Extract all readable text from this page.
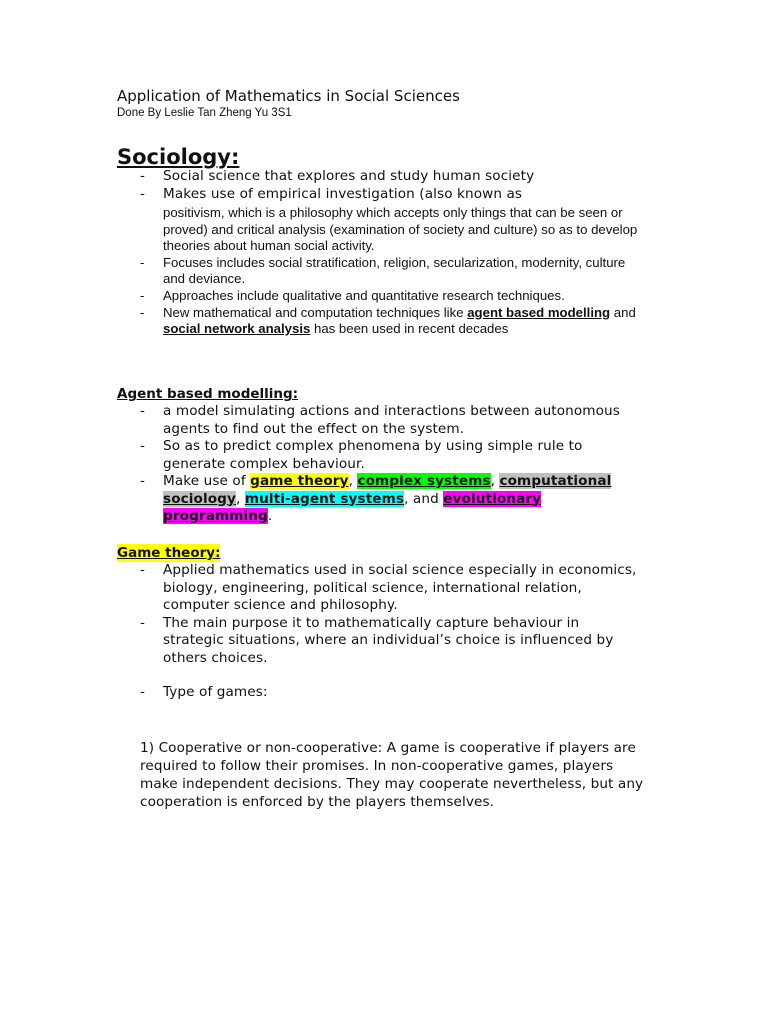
Application of Mathematics in Social Sciences
Done By Leslie Tan Zheng Yu 3S1
Sociology:
- Social science that explores and study human society
- Makes use of empirical investigation (also known as
positivism, which is a philosophy which accepts only things that can be seen or proved) and critical analysis (examination of society and culture) so as to develop theories about human social activity.
- Focuses includes social stratification, religion, secularization, modernity, culture and deviance.
- Approaches include qualitative and quantitative research techniques.
- New mathematical and computation techniques like agent based modelling and social network analysis has been used in recent decades
Agent based modelling:
- a model simulating actions and interactions between autonomous agents to find out the effect on the system.
- So as to predict complex phenomena by using simple rule to generate complex behaviour.
- Make use of game theory, complex systems, computational sociology, multi-agent systems, and evolutionary programming.
Game theory:
- Applied mathematics used in social science especially in economics, biology, engineering, political science, international relation, computer science and philosophy.
- The main purpose it to mathematically capture behaviour in strategic situations, where an individual’s choice is influenced by others choices.
- Type of games:
1) Cooperative or non-cooperative: A game is cooperative if players are required to follow their promises. In non-cooperative games, players make independent decisions. They may cooperate nevertheless, but any cooperation is enforced by the players themselves.
